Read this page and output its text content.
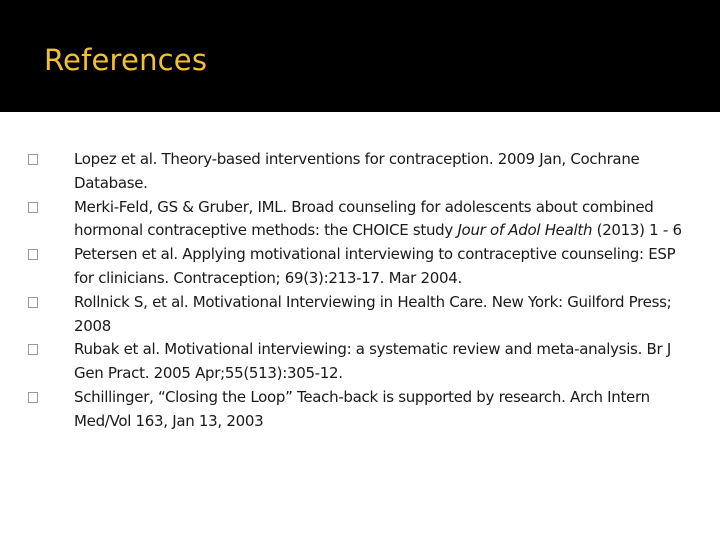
References
Lopez et al. Theory-based interventions for contraception. 2009 Jan, Cochrane Database.
Merki-Feld, GS & Gruber, IML. Broad counseling for adolescents about combined hormonal contraceptive methods: the CHOICE study Jour of Adol Health (2013) 1 - 6
Petersen et al. Applying motivational interviewing to contraceptive counseling: ESP for clinicians. Contraception; 69(3):213-17. Mar 2004.
Rollnick S, et al. Motivational Interviewing in Health Care. New York: Guilford Press; 2008
Rubak et al. Motivational interviewing: a systematic review and meta-analysis. Br J Gen Pract. 2005 Apr;55(513):305-12.
Schillinger, “Closing the Loop” Teach-back is supported by research. Arch Intern Med/Vol 163, Jan 13, 2003
